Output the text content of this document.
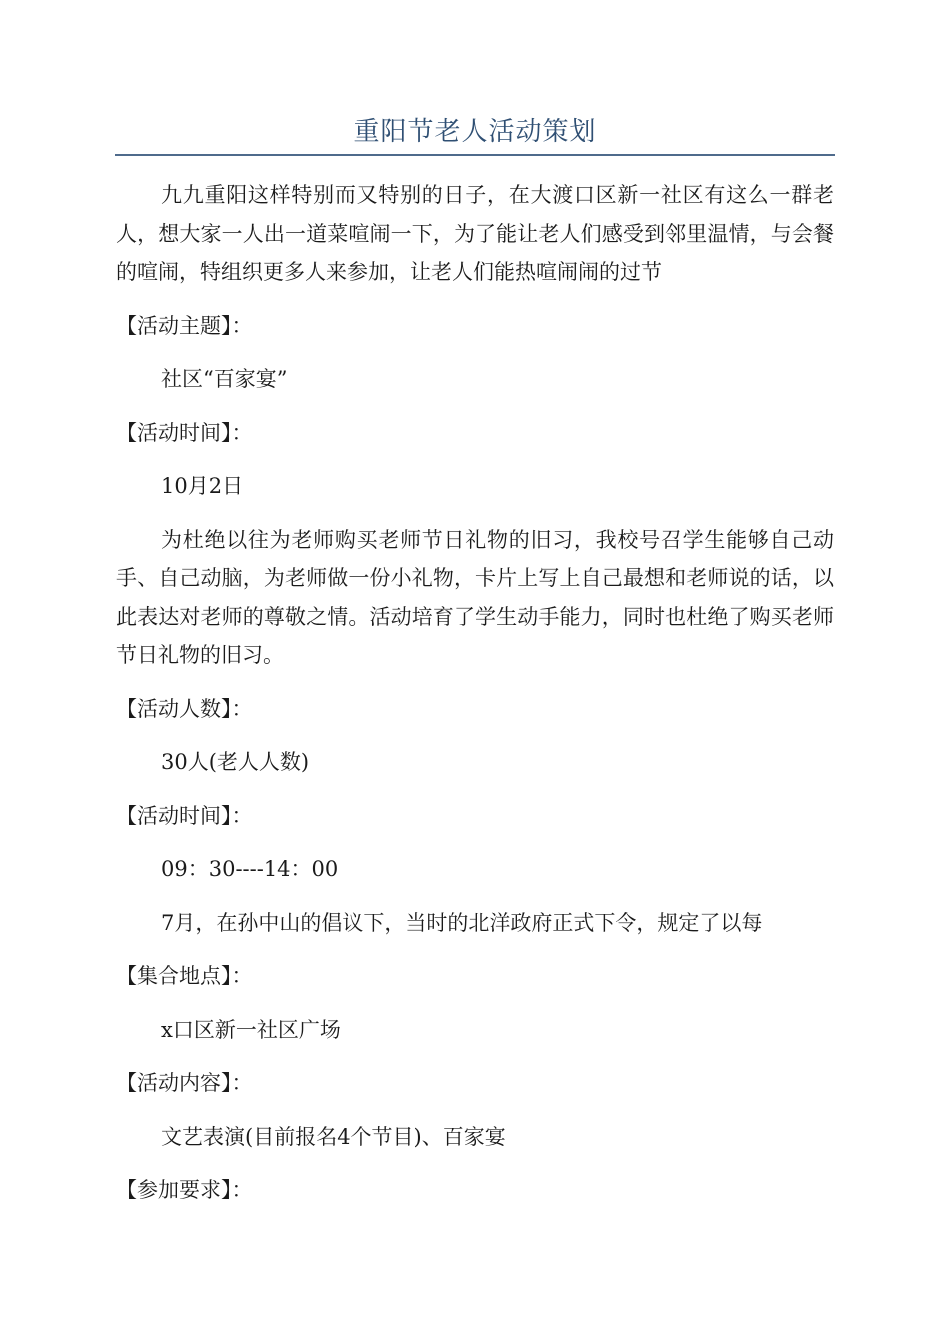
重阳节老人活动策划

九九重阳这样特别而又特别的日子，在大渡口区新一社区有这么一群老人，想大家一人出一道菜喧闹一下，为了能让老人们感受到邻里温情，与会餐的喧闹，特组织更多人来参加，让老人们能热喧闹闹的过节

【活动主题】：

社区“百家宴”

【活动时间】：

10月2日

为杜绝以往为老师购买老师节日礼物的旧习，我校号召学生能够自己动手、自己动脑，为老师做一份小礼物，卡片上写上自己最想和老师说的话，以此表达对老师的尊敬之情。活动培育了学生动手能力，同时也杜绝了购买老师节日礼物的旧习。

【活动人数】：

30人(老人人数)

【活动时间】：

09：30----14：00

7月，在孙中山的倡议下，当时的北洋政府正式下令，规定了以每

【集合地点】：

x口区新一社区广场

【活动内容】：

文艺表演(目前报名4个节目)、百家宴

【参加要求】：
